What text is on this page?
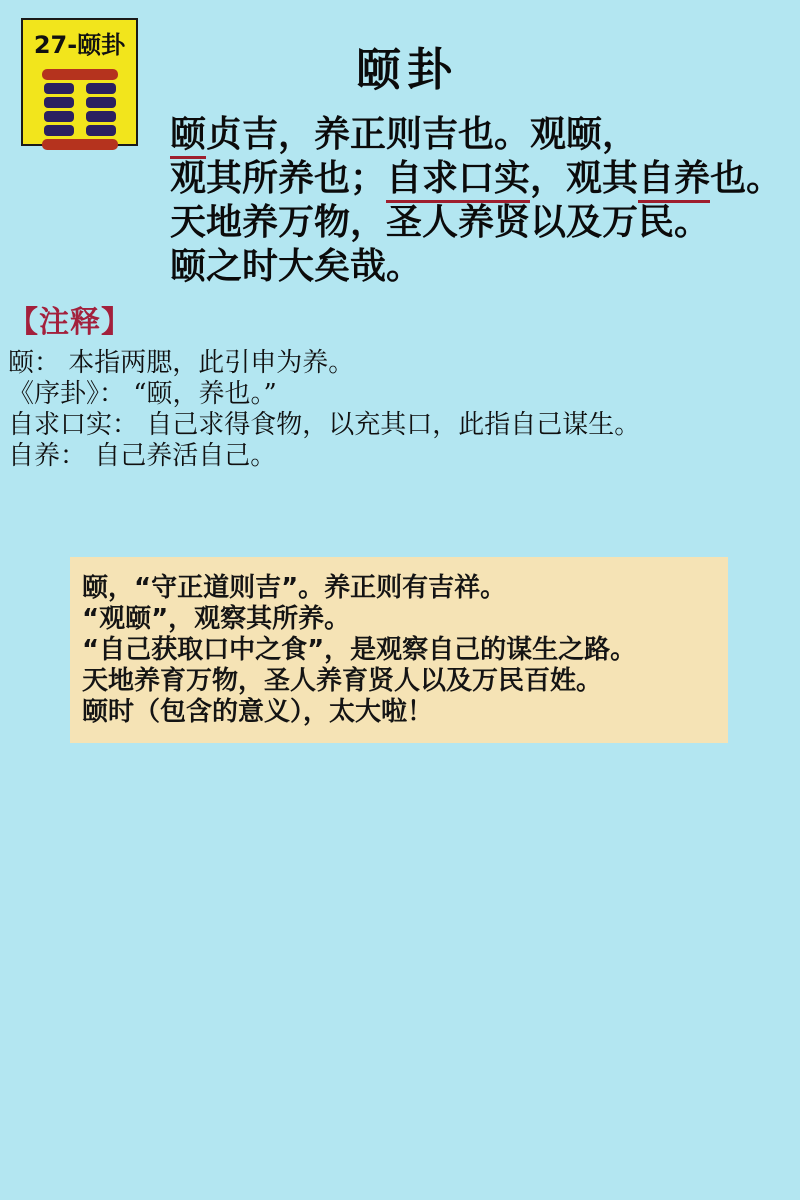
27-颐卦	颐卦
颐贞吉，养正则吉也。观颐，
观其所养也；自求口实，观其自养也。
天地养万物，圣人养贤以及万民。
颐之时大矣哉。
【注释】
颐： 本指两腮，此引申为养。
《序卦》： “颐，养也。”
自求口实： 自己求得食物，以充其口，此指自己谋生。
自养： 自己养活自己。
颐，“守正道则吉”。养正则有吉祥。
“观颐”，观察其所养。
“自己获取口中之食”，是观察自己的谋生之路。
天地养育万物，圣人养育贤人以及万民百姓。
颐时（包含的意义），太大啦！
